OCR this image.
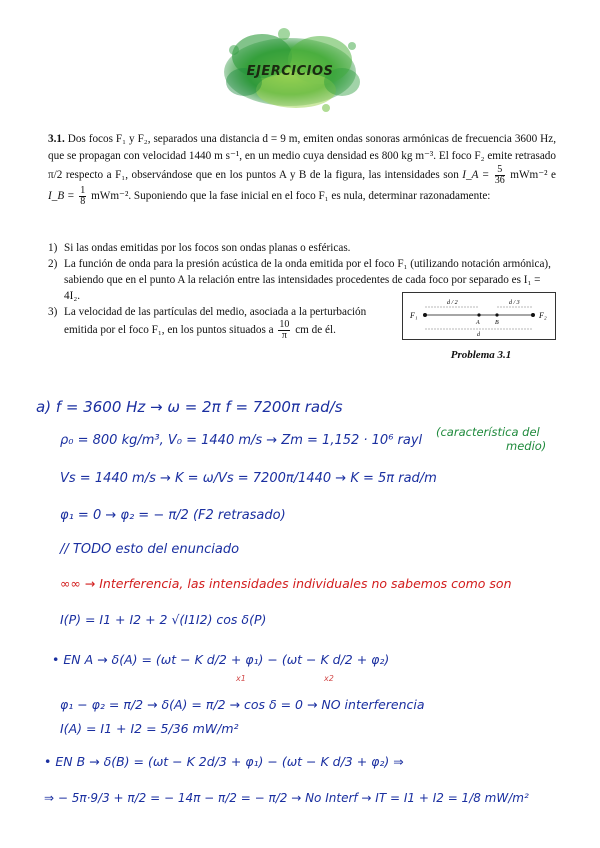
EJERCICIOS

3.1. Dos focos F₁ y F₂, separados una distancia d = 9 m, emiten ondas sonoras armónicas de frecuencia 3600 Hz, que se propagan con velocidad 1440 m s⁻¹, en un medio cuya densidad es 800 kg m⁻³. El foco F₂ emite retrasado π/2 respecto a F₁, observándose que en los puntos A y B de la figura, las intensidades son I_A = $\frac{5}{36} mWm^{-2}$ e I_B = $\frac{1}{8} mWm^{-2}$. Suponiendo que la fase inicial en el foco F₁ es nula, determinar razonadamente:

1) Si las ondas emitidas por los focos son ondas planas o esféricas.

2) La función de onda para la presión acústica de la onda emitida por el foco F₁ (utilizando notación armónica), sabiendo que en el punto A la relación entre las intensidades procedentes de cada foco por separado es I₁ = 4I₂.

3) La velocidad de las partículas del medio, asociada a la perturbación emitida por el foco F₁, en los puntos situados a $\frac{10}{\pi}$ cm de él.

F₁	F₂
A	B
d / 2	d / 3
d
Problema 3.1
a) f = 3600 Hz → ω = 2π f = 7200π rad/s
ρ₀ = 800 kg/m³, V₀ = 1440 m/s → Zm = 1,152 · 10⁶ rayl
(característica del
medio)
Vs = 1440 m/s → K = ω/Vs = 7200π/1440 → K = 5π rad/m
φ₁ = 0 → φ₂ = − π/2 (F2 retrasado)
// TODO esto del enunciado
∞∞ → Interferencia, las intensidades individuales no sabemos como son
I(P) = I1 + I2 + 2 √(I1I2) cos δ(P)
• EN A → δ(A) = (ωt − K d/2 + φ₁) − (ωt − K d/2 + φ₂)
x1	x2
φ₁ − φ₂ = π/2 → δ(A) = π/2 → cos δ = 0 → NO interferencia
I(A) = I1 + I2 = 5/36 mW/m²
• EN B → δ(B) = (ωt − K 2d/3 + φ₁) − (ωt − K d/3 + φ₂) ⇒
⇒ − 5π·9/3 + π/2 = − 14π − π/2 = − π/2 → No Interf → IT = I1 + I2 = 1/8 mW/m²
